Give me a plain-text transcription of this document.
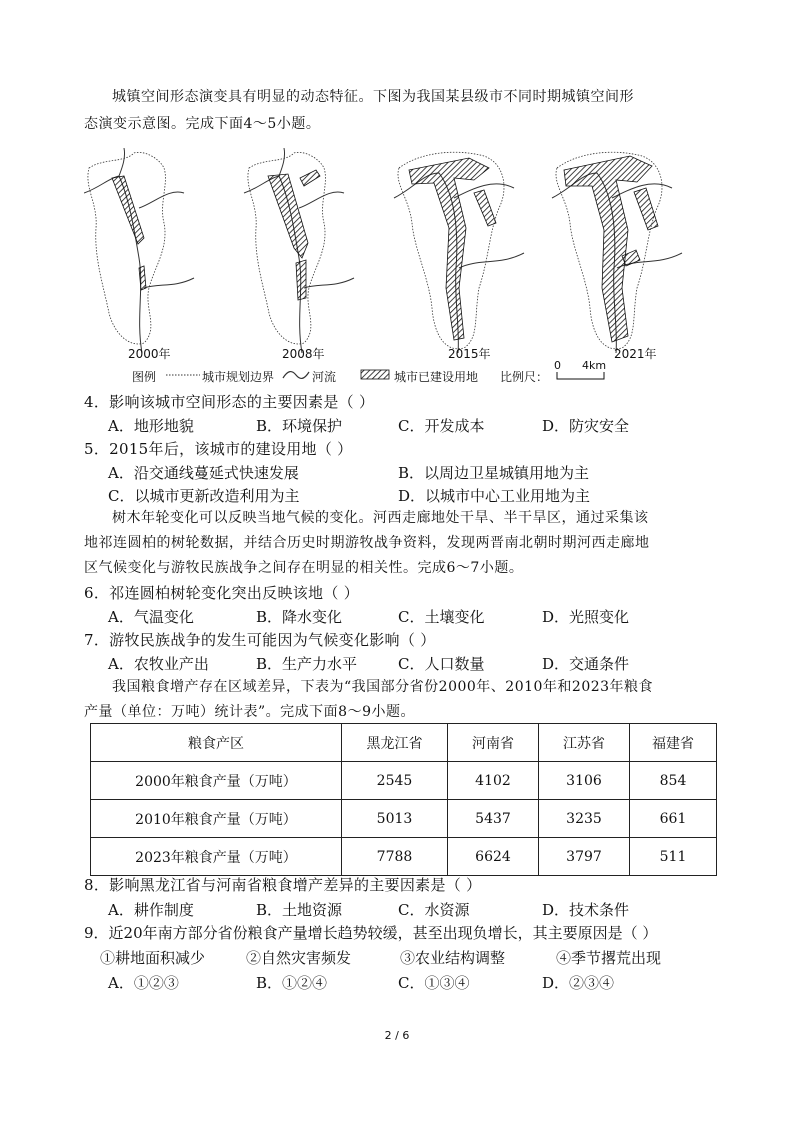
城镇空间形态演变具有明显的动态特征。下图为我国某县级市不同时期城镇空间形
态演变示意图。完成下面4～5小题。
2000年	2008年	2015年	2021年
图例	城市规划边界	河流	城市已建设用地 比例尺：
0 4km
4．影响该城市空间形态的主要因素是（ ）
A．地形地貌	B．环境保护	C．开发成本	D．防灾安全
5．2015年后，该城市的建设用地（ ）
A．沿交通线蔓延式快速发展	B．以周边卫星城镇用地为主
C．以城市更新改造利用为主	D．以城市中心工业用地为主
树木年轮变化可以反映当地气候的变化。河西走廊地处干旱、半干旱区，通过采集该
地祁连圆柏的树轮数据，并结合历史时期游牧战争资料，发现两晋南北朝时期河西走廊地
区气候变化与游牧民族战争之间存在明显的相关性。完成6～7小题。
6．祁连圆柏树轮变化突出反映该地（ ）
A．气温变化	B．降水变化	C．土壤变化	D．光照变化
7．游牧民族战争的发生可能因为气候变化影响（ ）
A．农牧业产出	B．生产力水平	C．人口数量	D．交通条件
我国粮食增产存在区域差异，下表为“我国部分省份2000年、2010年和2023年粮食
产量（单位：万吨）统计表”。完成下面8～9小题。
粮食产区	黑龙江省	河南省	江苏省	福建省
2000年粮食产量（万吨）	2545	4102	3106	854
2010年粮食产量（万吨）	5013	5437	3235	661
2023年粮食产量（万吨）	7788	6624	3797	511
8．影响黑龙江省与河南省粮食增产差异的主要因素是（ ）
A．耕作制度	B．土地资源	C．水资源	D．技术条件
9．近20年南方部分省份粮食产量增长趋势较缓，甚至出现负增长，其主要原因是（ ）
①耕地面积减少	②自然灾害频发	③农业结构调整	④季节撂荒出现
A．①②③	B．①②④	C．①③④	D．②③④
2 / 6
